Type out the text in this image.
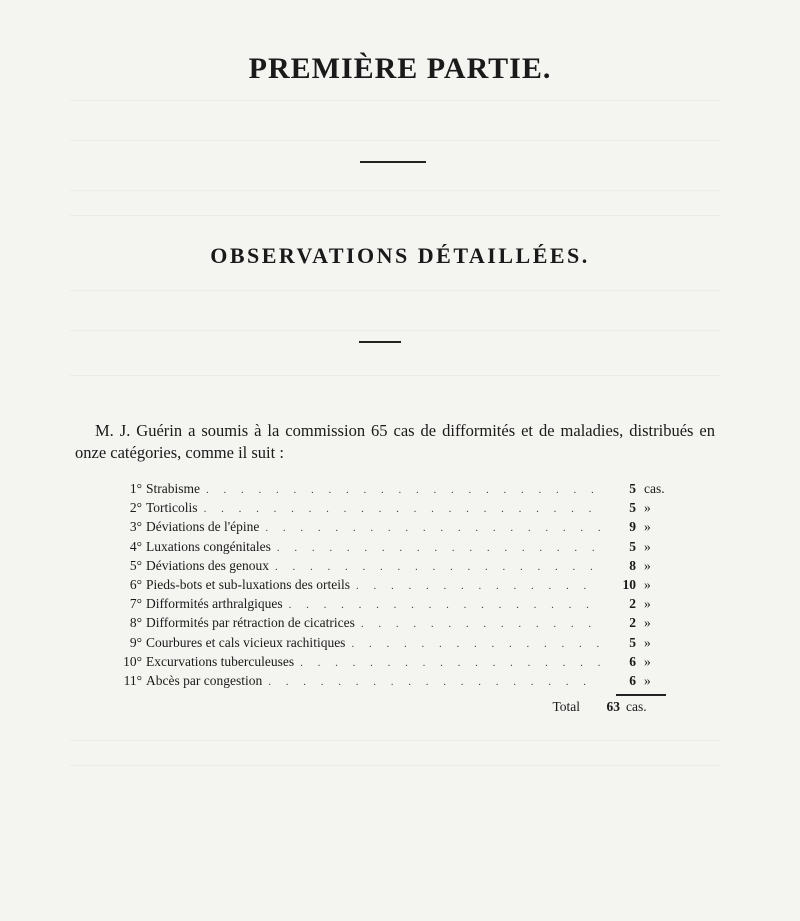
PREMIÈRE PARTIE.
OBSERVATIONS DÉTAILLÉES.

M. J. Guérin a soumis à la commission 65 cas de difformités et de maladies, distribués en onze catégories, comme il suit :

1° Strabisme . . .	5 cas.
2° Torticolis . . .	5 »
3° Déviations de l'épine . . .	9 »
4° Luxations congénitales . . .	5 »
5° Déviations des genoux . . .	8 »
6° Pieds-bots et sub-luxations des orteils . . .	10 »
7° Difformités arthralgiques . . .	2 »
8° Difformités par rétraction de cicatrices . . .	2 »
9° Courbures et cals vicieux rachitiques . . .	5 »
10° Excurvations tuberculeuses . . .	6 »
11° Abcès par congestion . . .	6 »
Total	63 cas.
